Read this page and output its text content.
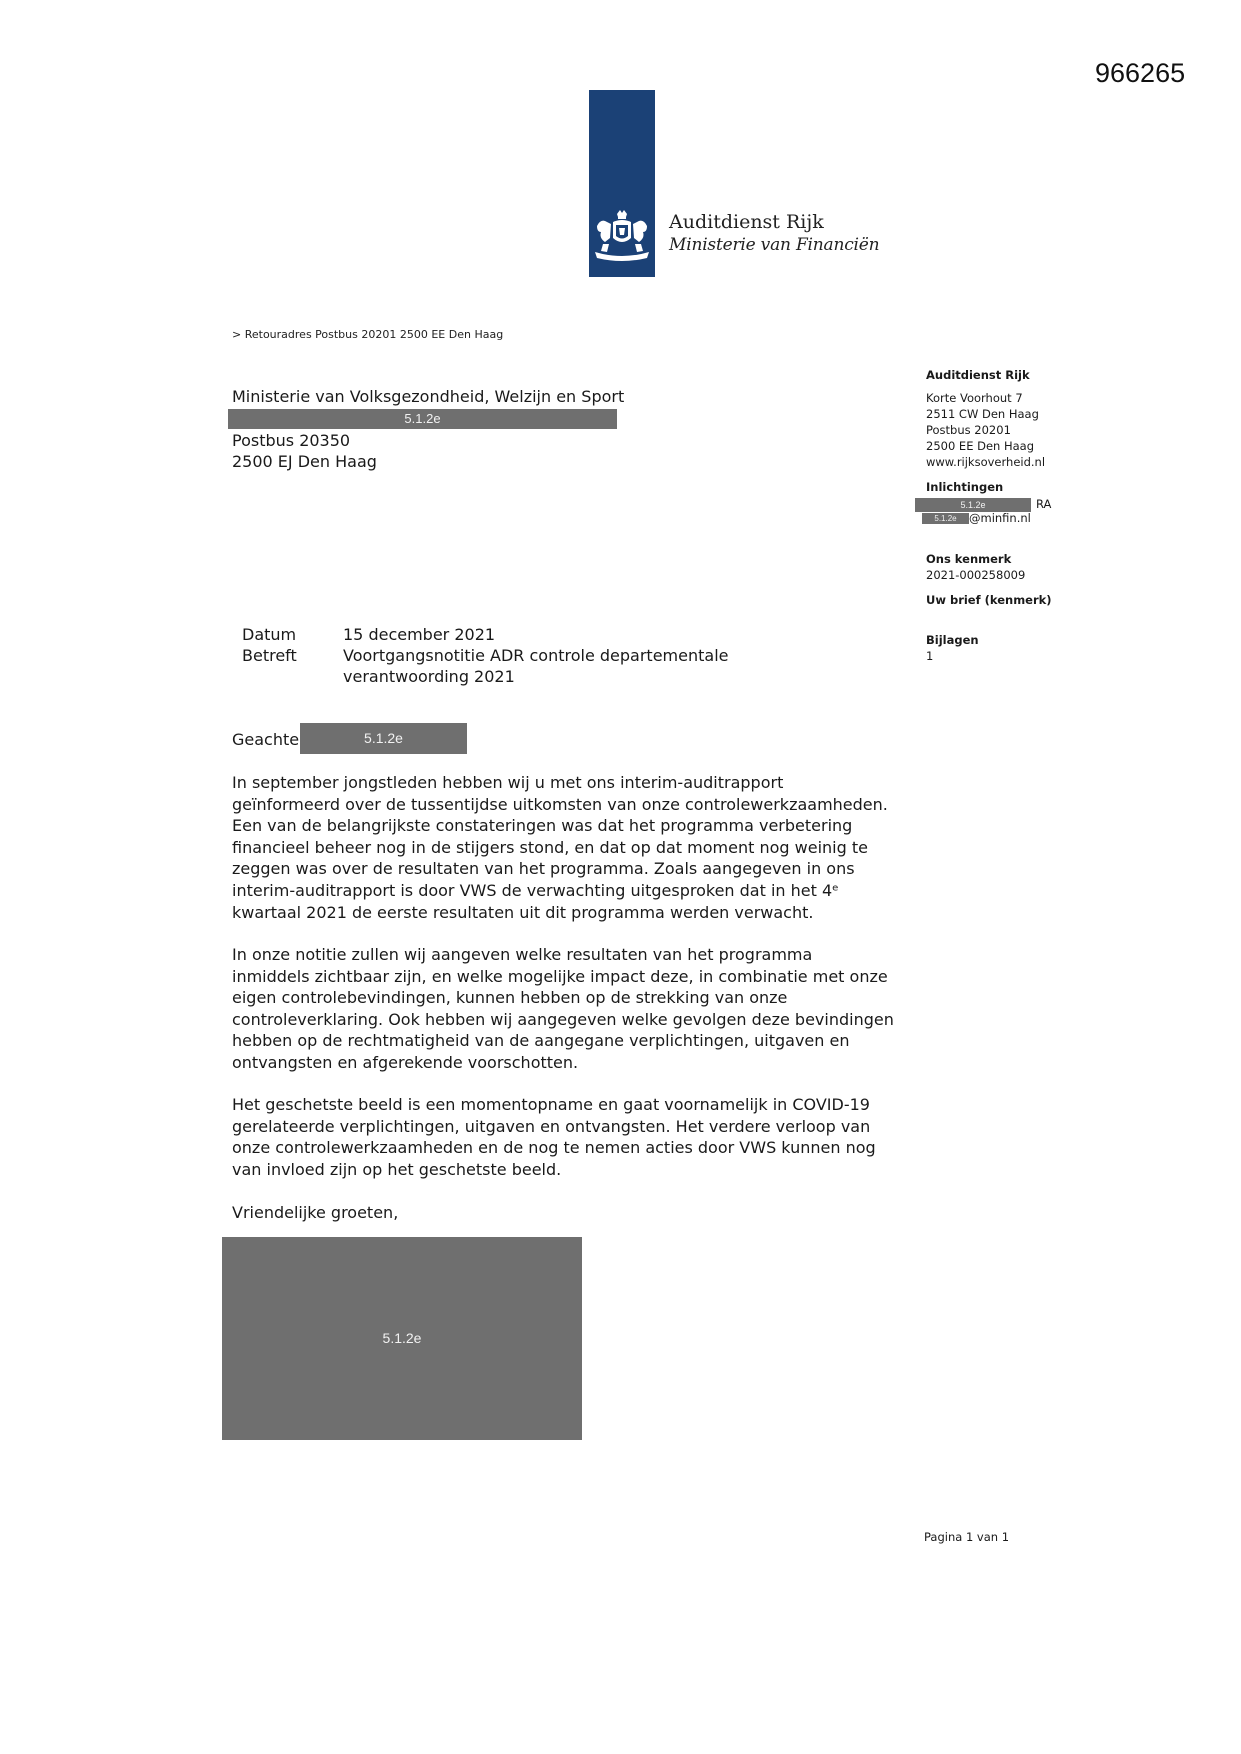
966265
Auditdienst Rijk
Ministerie van Financiën
> Retouradres Postbus 20201 2500 EE Den Haag
Ministerie van Volksgezondheid, Welzijn en Sport
5.1.2e
Postbus 20350
2500 EJ Den Haag
Auditdienst Rijk
Korte Voorhout 7
2511 CW Den Haag
Postbus 20201
2500 EE Den Haag
www.rijksoverheid.nl
Inlichtingen
5.1.2e	RA
5.1.2e	@minfin.nl
Ons kenmerk
2021-000258009
Uw brief (kenmerk)
Bijlagen
1
Datum	15 december 2021
Betreft	Voortgangsnotitie ADR controle departementale
verantwoording 2021
Geachte	5.1.2e
In september jongstleden hebben wij u met ons interim-auditrapport
geïnformeerd over de tussentijdse uitkomsten van onze controlewerkzaamheden.
Een van de belangrijkste constateringen was dat het programma verbetering
financieel beheer nog in de stijgers stond, en dat op dat moment nog weinig te
zeggen was over de resultaten van het programma. Zoals aangegeven in ons
interim-auditrapport is door VWS de verwachting uitgesproken dat in het 4ᵉ
kwartaal 2021 de eerste resultaten uit dit programma werden verwacht.
In onze notitie zullen wij aangeven welke resultaten van het programma
inmiddels zichtbaar zijn, en welke mogelijke impact deze, in combinatie met onze
eigen controlebevindingen, kunnen hebben op de strekking van onze
controleverklaring. Ook hebben wij aangegeven welke gevolgen deze bevindingen
hebben op de rechtmatigheid van de aangegane verplichtingen, uitgaven en
ontvangsten en afgerekende voorschotten.
Het geschetste beeld is een momentopname en gaat voornamelijk in COVID-19
gerelateerde verplichtingen, uitgaven en ontvangsten. Het verdere verloop van
onze controlewerkzaamheden en de nog te nemen acties door VWS kunnen nog
van invloed zijn op het geschetste beeld.
Vriendelijke groeten,
5.1.2e
Pagina 1 van 1
